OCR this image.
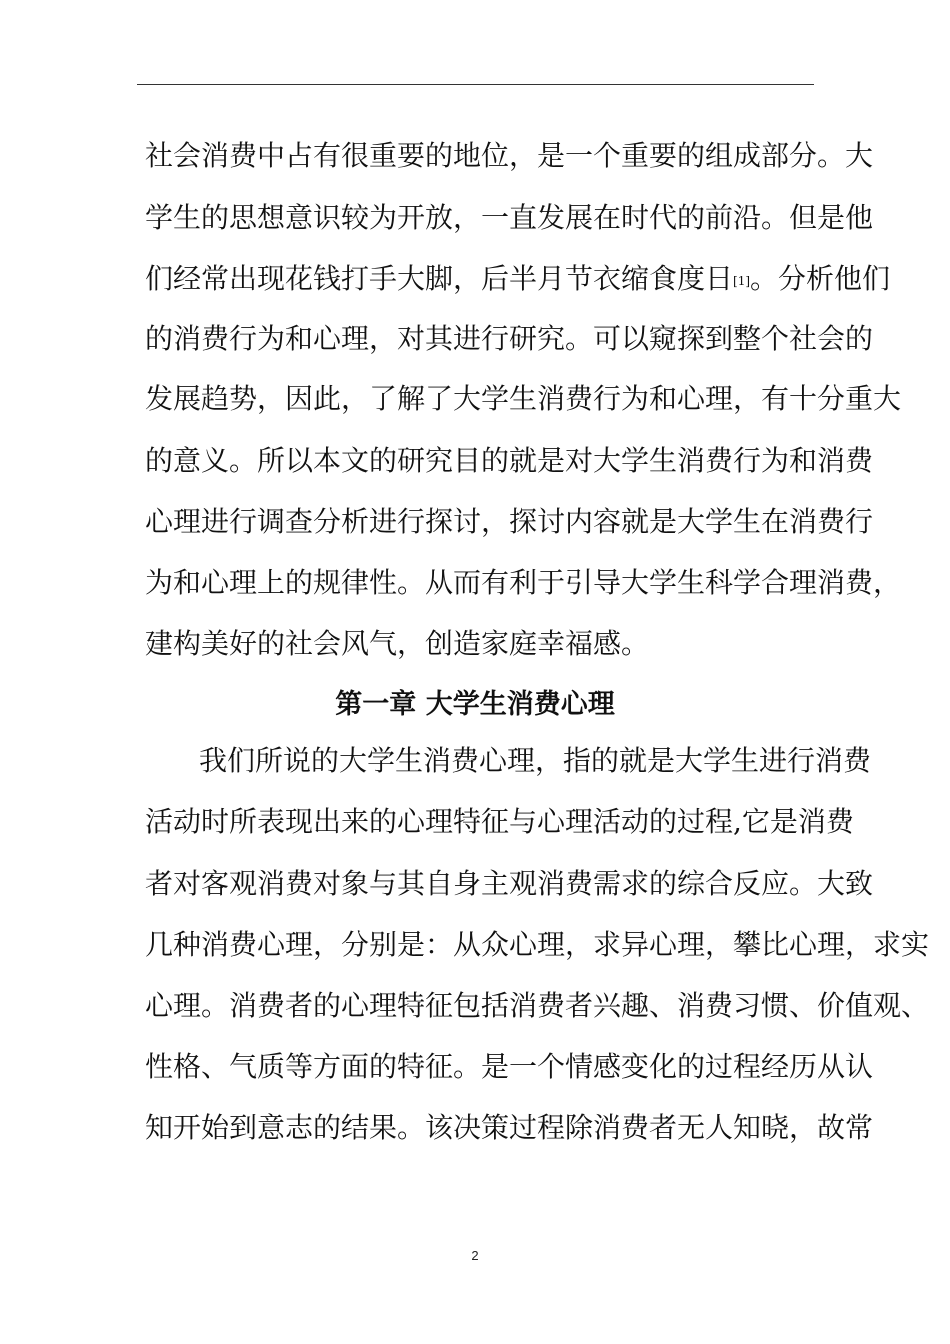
社会消费中占有很重要的地位，是一个重要的组成部分。大
学生的思想意识较为开放，一直发展在时代的前沿。但是他
们经常出现花钱打手大脚，后半月节衣缩食度日[1]。分析他们
的消费行为和心理，对其进行研究。可以窥探到整个社会的
发展趋势，因此，了解了大学生消费行为和心理，有十分重大
的意义。所以本文的研究目的就是对大学生消费行为和消费
心理进行调查分析进行探讨，探讨内容就是大学生在消费行
为和心理上的规律性。从而有利于引导大学生科学合理消费，
建构美好的社会风气，创造家庭幸福感。
第一章 大学生消费心理
我们所说的大学生消费心理，指的就是大学生进行消费
活动时所表现出来的心理特征与心理活动的过程,它是消费
者对客观消费对象与其自身主观消费需求的综合反应。大致
几种消费心理，分别是：从众心理，求异心理，攀比心理，求实
心理。消费者的心理特征包括消费者兴趣、消费习惯、价值观、
性格、气质等方面的特征。是一个情感变化的过程经历从认
知开始到意志的结果。该决策过程除消费者无人知晓，故常
2
